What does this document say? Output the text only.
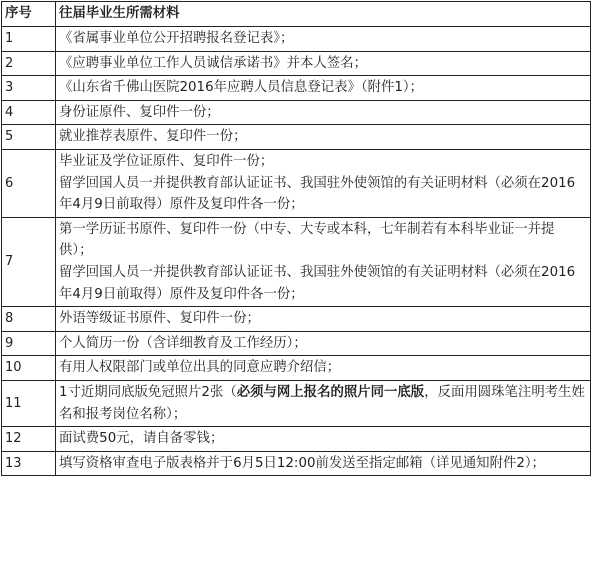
序号	往届毕业生所需材料
1	《省属事业单位公开招聘报名登记表》；

2	《应聘事业单位工作人员诚信承诺书》并本人签名；

3	《山东省千佛山医院2016年应聘人员信息登记表》（附件1）；

4	身份证原件、复印件一份；

5	就业推荐表原件、复印件一份；

6	毕业证及学位证原件、复印件一份；
留学回国人员一并提供教育部认证证书、我国驻外使领馆的有关证明材料（必须在2016年4月9日前取得）原件及复印件各一份；

7	第一学历证书原件、复印件一份（中专、大专或本科，七年制若有本科毕业证一并提供）；
留学回国人员一并提供教育部认证证书、我国驻外使领馆的有关证明材料（必须在2016年4月9日前取得）原件及复印件各一份；

8	外语等级证书原件、复印件一份；

9	个人简历一份（含详细教育及工作经历）；

10	有用人权限部门或单位出具的同意应聘介绍信；

11	1寸近期同底版免冠照片2张（必须与网上报名的照片同一底版，反面用圆珠笔注明考生姓名和报考岗位名称）；
12	面试费50元，请自备零钱；

13	填写资格审查电子版表格并于6月5日12:00前发送至指定邮箱（详见通知附件2）；
